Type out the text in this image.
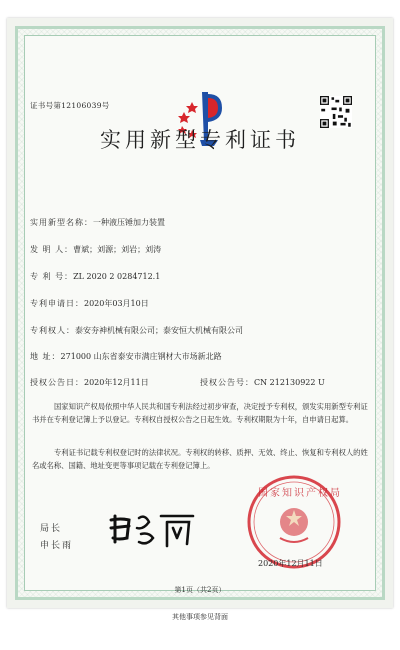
证书号第12106039号
实用新型专利证书
实用新型名称：一种液压锤加力装置
发 明 人：曹斌；刘源；刘岩；刘涛
专 利 号：ZL 2020 2 0284712.1
专利申请日：2020年03月10日
专利权人：泰安夯神机械有限公司；泰安恒大机械有限公司
地 址：271000 山东省泰安市满庄钢材大市场新北路
授权公告日：2020年12月11日	授权公告号：CN 212130922 U
国家知识产权局依照中华人民共和国专利法经过初步审查，决定授予专利权，颁发实用新型专利证书并在专利登记簿上予以登记。专利权自授权公告之日起生效。专利权期限为十年，自申请日起算。
专利证书记载专利权登记时的法律状况。专利权的转移、质押、无效、终止、恢复和专利权人的姓名或名称、国籍、地址变更等事项记载在专利登记簿上。
国家知识产权局
局长
申长雨
2020年12月11日
第1页（共2页）
其他事项参见背面
